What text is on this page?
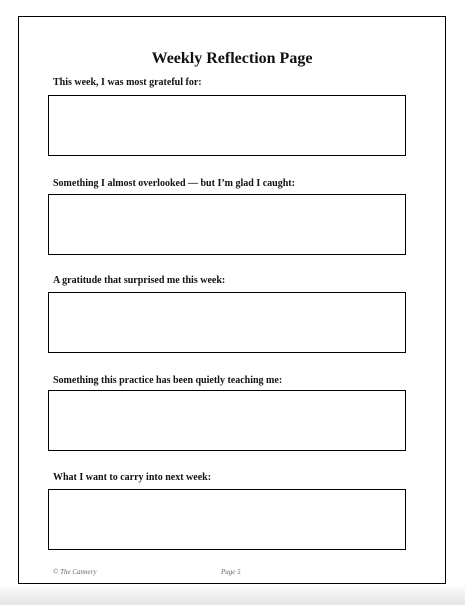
Weekly Reflection Page
This week, I was most grateful for:
Something I almost overlooked — but I’m glad I caught:
A gratitude that surprised me this week:
Something this practice has been quietly teaching me:
What I want to carry into next week:
© The Cannery	Page 5
